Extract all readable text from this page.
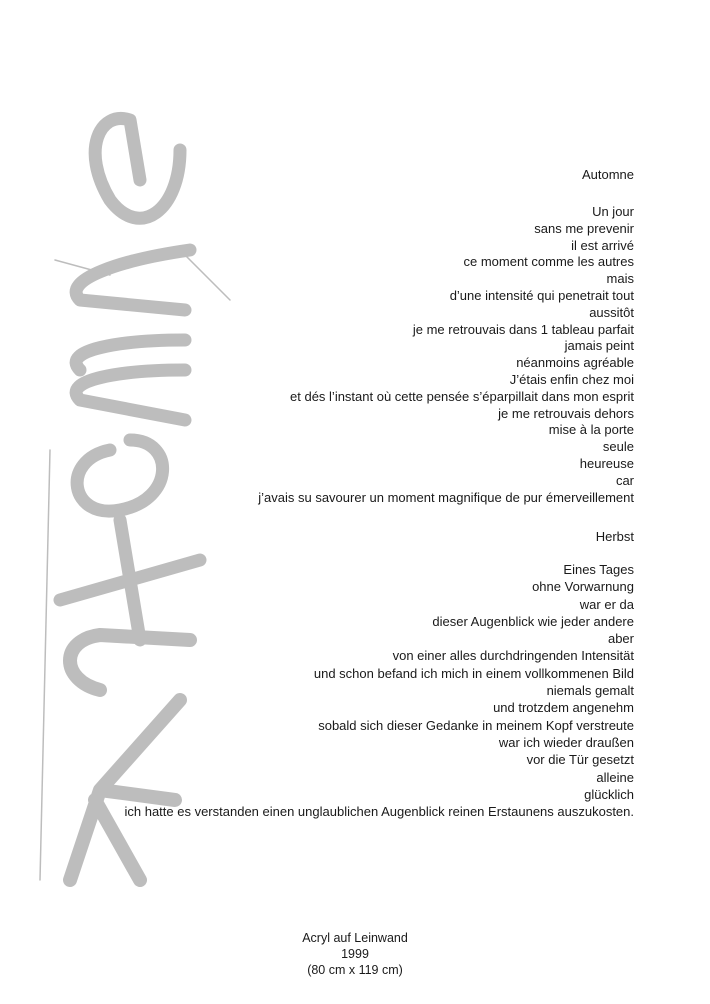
Automne
Un jour
sans me prevenir
il est arrivé
ce moment comme les autres
mais
d’une intensité qui penetrait tout
aussitôt
je me retrouvais dans 1 tableau parfait
jamais peint
néanmoins agréable
J’étais enfin chez moi
et dés l’instant où cette pensée s’éparpillait dans mon esprit
je me retrouvais dehors
mise à la porte
seule
heureuse
car
j’avais su savourer un moment magnifique de pur émerveillement
Herbst
Eines Tages
ohne Vorwarnung
war er da
dieser Augenblick wie jeder andere
aber
von einer alles durchdringenden Intensität
und schon befand ich mich in einem vollkommenen Bild
niemals gemalt
und trotzdem angenehm
sobald sich dieser Gedanke in meinem Kopf verstreute
war ich wieder draußen
vor die Tür gesetzt
alleine
glücklich
ich hatte es verstanden einen unglaublichen Augenblick reinen Erstaunens auszukosten.
Acryl auf Leinwand
1999
(80 cm x 119 cm)
